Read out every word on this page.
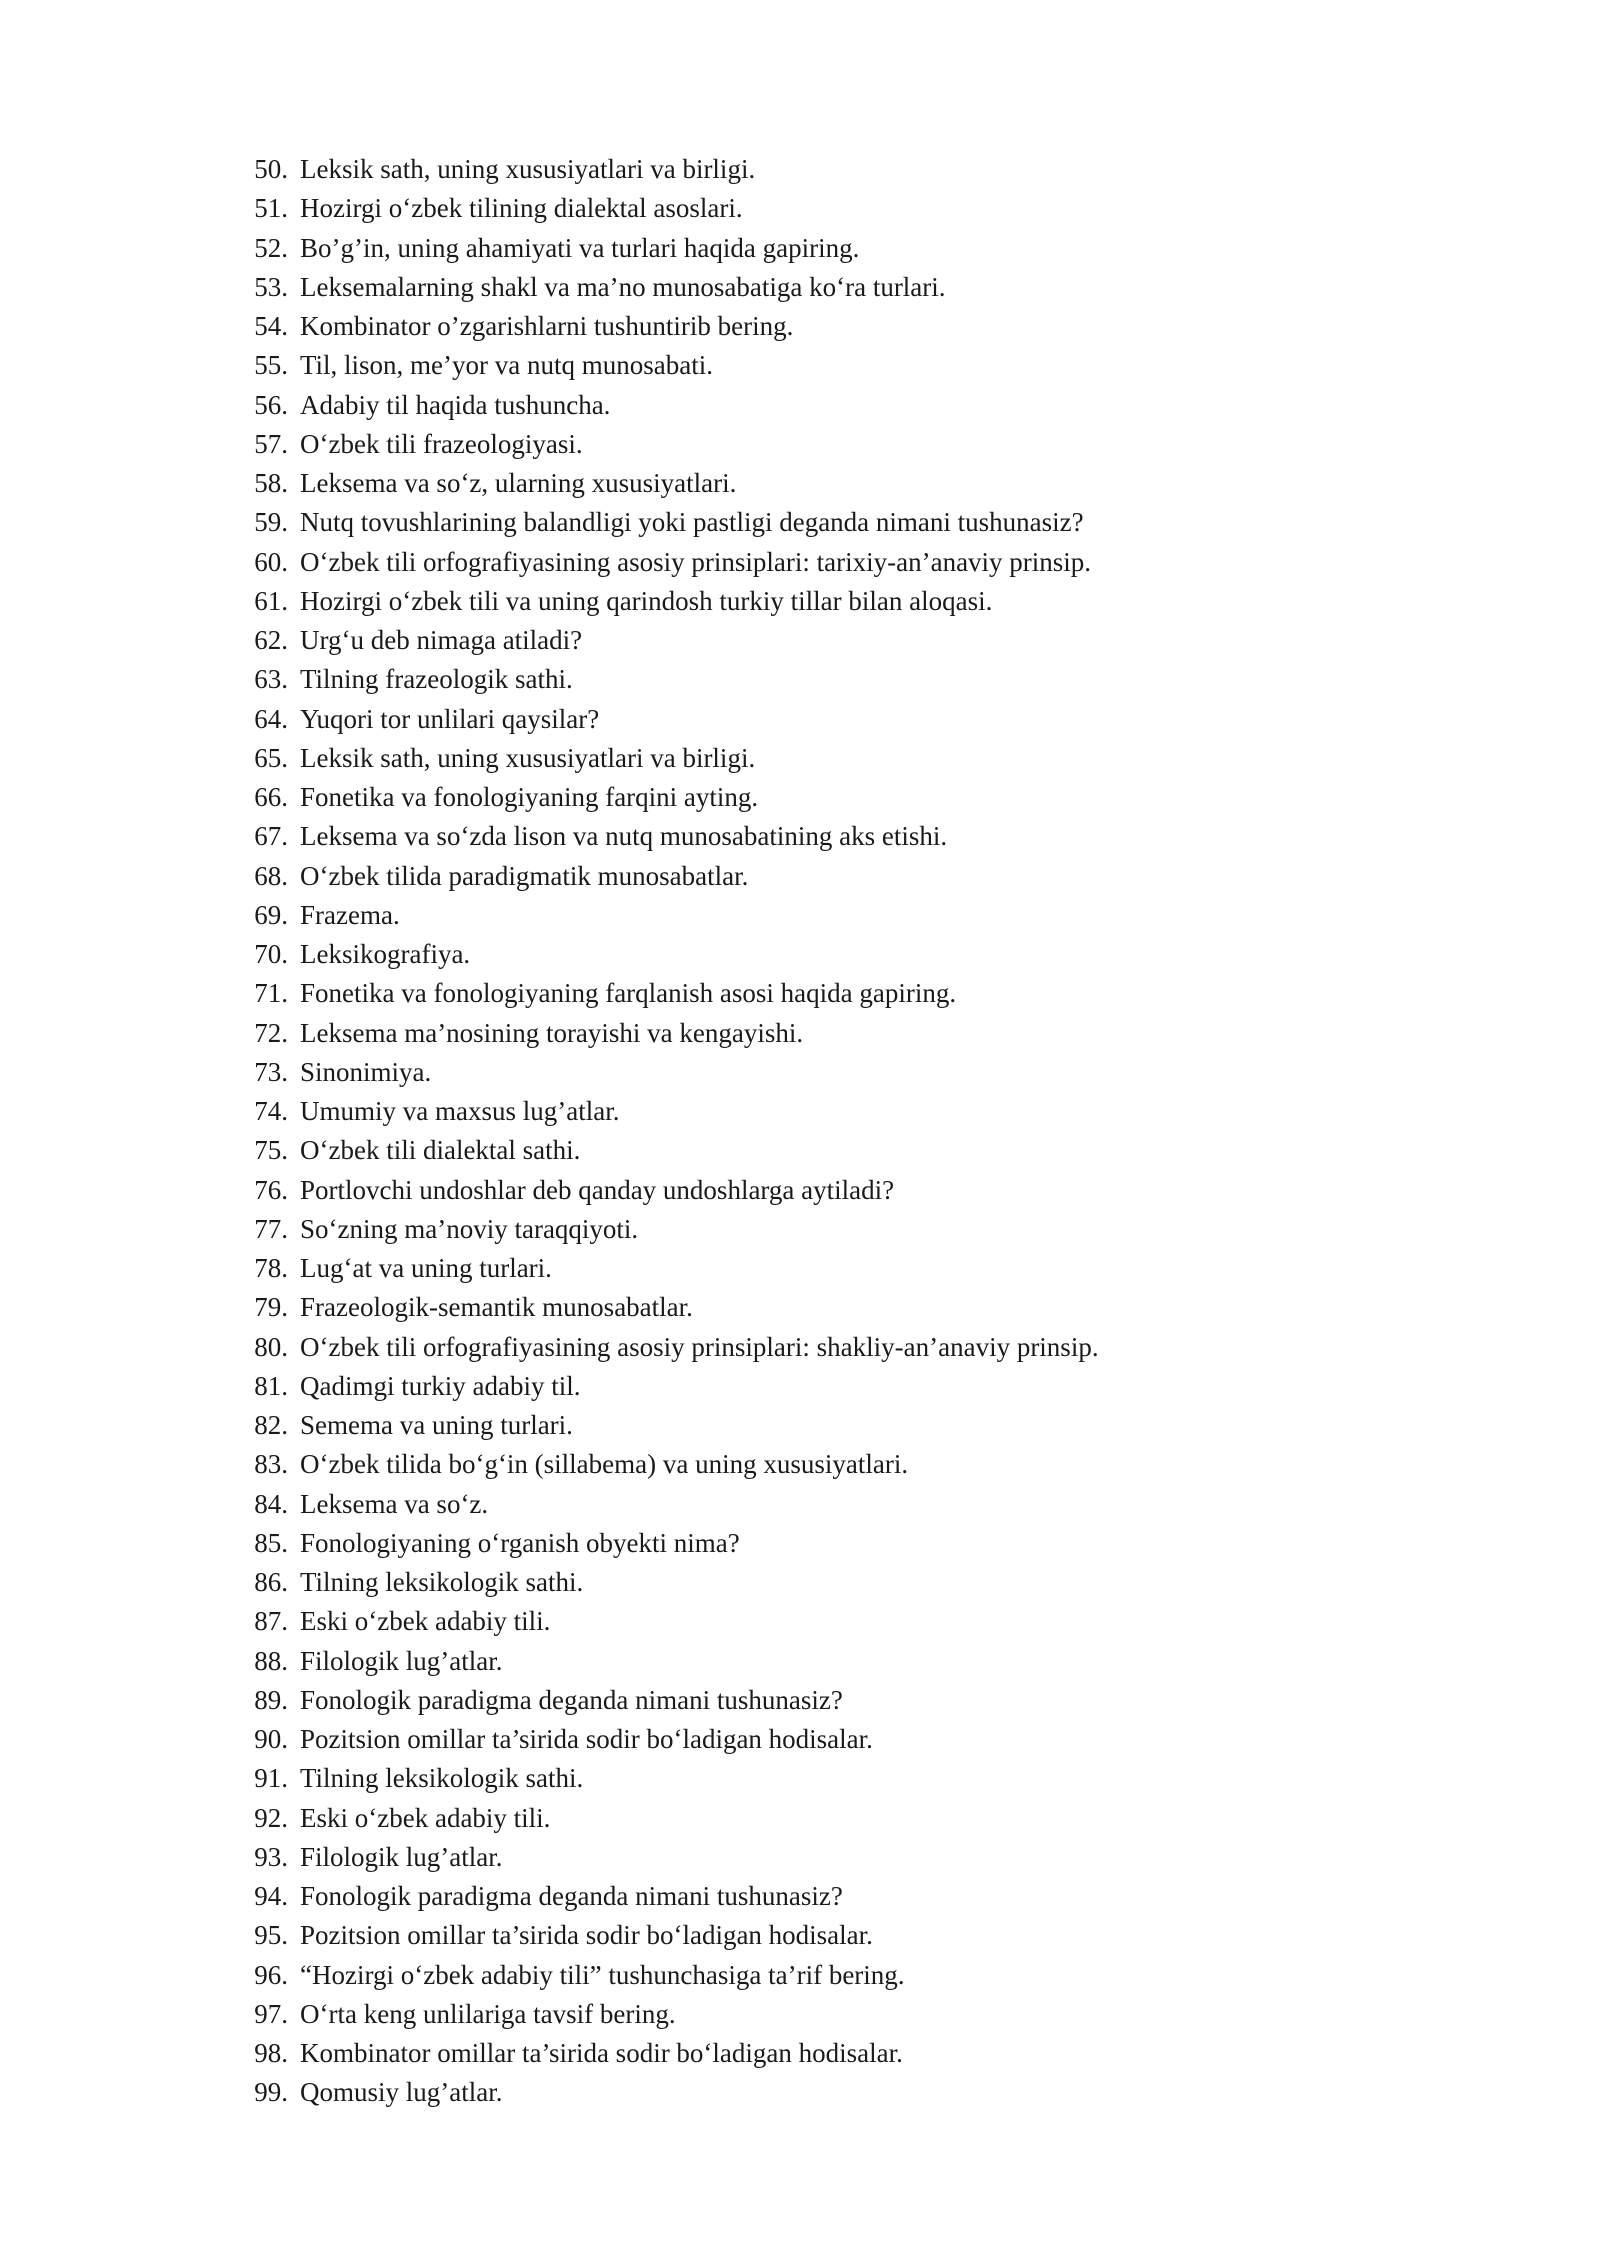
50. Leksik sath, uning xususiyatlari va birligi.
51. Hozirgi o‘zbek tilining dialektal asoslari.
52. Bo’g’in, uning ahamiyati va turlari haqida gapiring.
53. Leksemalarning shakl va ma’no munosabatiga ko‘ra turlari.
54. Kombinator o’zgarishlarni tushuntirib bering.
55. Til, lison, me’yor va nutq munosabati.
56. Adabiy til haqida tushuncha.
57. O‘zbek tili frazeologiyasi.
58. Leksema va so‘z, ularning xususiyatlari.
59. Nutq tovushlarining balandligi yoki pastligi deganda nimani tushunasiz?
60. O‘zbek tili orfografiyasining asosiy prinsiplari: tarixiy-an’anaviy prinsip.
61. Hozirgi o‘zbek tili va uning qarindosh turkiy tillar bilan aloqasi.
62. Urg‘u deb nimaga atiladi?
63. Tilning frazeologik sathi.
64. Yuqori tor unlilari qaysilar?
65. Leksik sath, uning xususiyatlari va birligi.
66. Fonetika va fonologiyaning farqini ayting.
67. Leksema va so‘zda lison va nutq munosabatining aks etishi.
68. O‘zbek tilida paradigmatik munosabatlar.
69. Frazema.
70. Leksikografiya.
71. Fonetika va fonologiyaning farqlanish asosi haqida gapiring.
72. Leksema ma’nosining torayishi va kengayishi.
73. Sinonimiya.
74. Umumiy va maxsus lug’atlar.
75. O‘zbek tili dialektal sathi.
76. Portlovchi undoshlar deb qanday undoshlarga aytiladi?
77. So‘zning ma’noviy taraqqiyoti.
78. Lug‘at va uning turlari.
79. Frazeologik-semantik munosabatlar.
80. O‘zbek tili orfografiyasining asosiy prinsiplari: shakliy-an’anaviy prinsip.
81. Qadimgi turkiy adabiy til.
82. Semema va uning turlari.
83. O‘zbek tilida bo‘g‘in (sillabema) va uning xususiyatlari.
84. Leksema va so‘z.
85. Fonologiyaning o‘rganish obyekti nima?
86. Tilning leksikologik sathi.
87. Eski o‘zbek adabiy tili.
88. Filologik lug’atlar.
89. Fonologik paradigma deganda nimani tushunasiz?
90. Pozitsion omillar ta’sirida sodir bo‘ladigan hodisalar.
91. Tilning leksikologik sathi.
92. Eski o‘zbek adabiy tili.
93. Filologik lug’atlar.
94. Fonologik paradigma deganda nimani tushunasiz?
95. Pozitsion omillar ta’sirida sodir bo‘ladigan hodisalar.
96. “Hozirgi o‘zbek adabiy tili” tushunchasiga ta’rif bering.
97. O‘rta keng unlilariga tavsif bering.
98. Kombinator omillar ta’sirida sodir bo‘ladigan hodisalar.
99. Qomusiy lug’atlar.
